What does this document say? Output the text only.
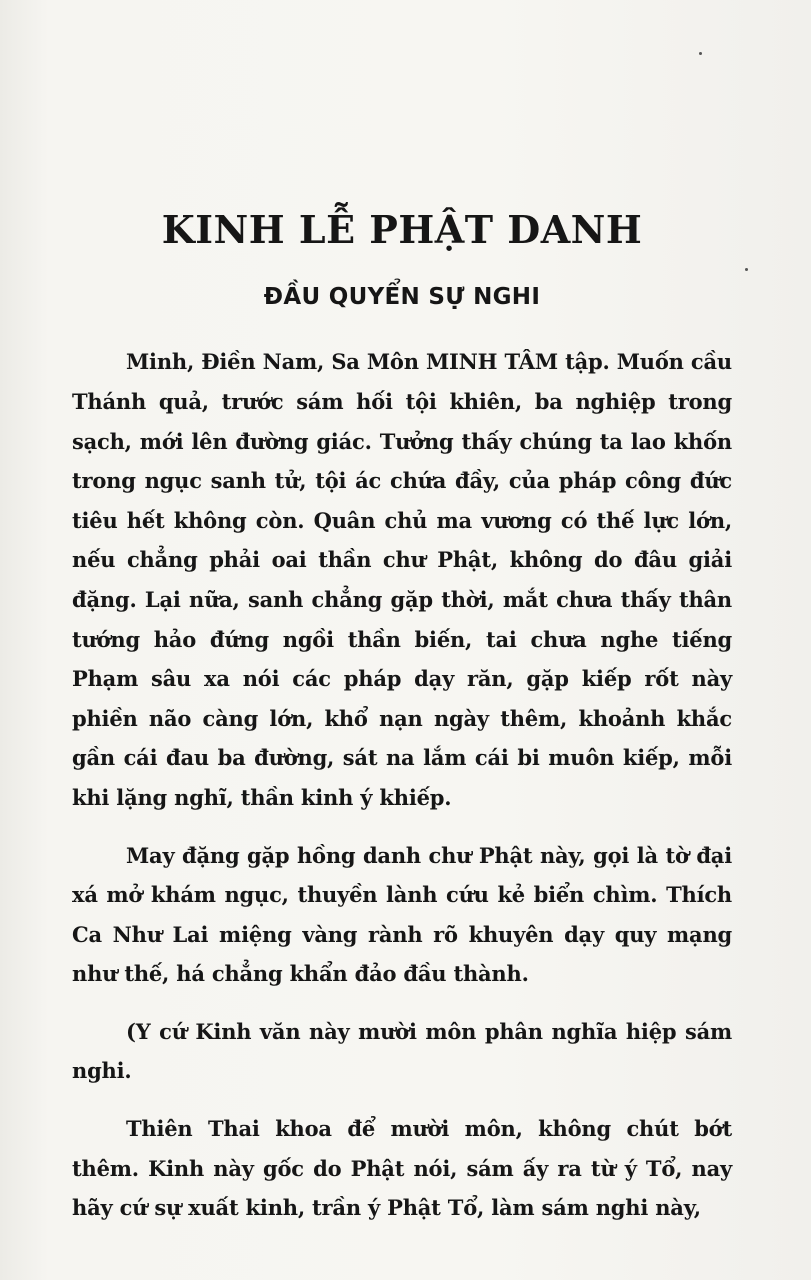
KINH LỄ PHẬT DANH
ĐẦU QUYỂN SỰ NGHI

Minh, Điền Nam, Sa Môn MINH TÂM tập. Muốn cầu Thánh quả, trước sám hối tội khiên, ba nghiệp trong sạch, mới lên đường giác. Tưởng thấy chúng ta lao khốn trong ngục sanh tử, tội ác chứa đầy, của pháp công đức tiêu hết không còn. Quân chủ ma vương có thế lực lớn, nếu chẳng phải oai thần chư Phật, không do đâu giải đặng. Lại nữa, sanh chẳng gặp thời, mắt chưa thấy thân tướng hảo đứng ngồi thần biến, tai chưa nghe tiếng Phạm sâu xa nói các pháp dạy răn, gặp kiếp rốt này phiền não càng lớn, khổ nạn ngày thêm, khoảnh khắc gần cái đau ba đường, sát na lắm cái bi muôn kiếp, mỗi khi lặng nghĩ, thần kinh ý khiếp.

May đặng gặp hồng danh chư Phật này, gọi là tờ đại xá mở khám ngục, thuyền lành cứu kẻ biển chìm. Thích Ca Như Lai miệng vàng rành rõ khuyên dạy quy mạng như thế, há chẳng khẩn đảo đầu thành.

(Y cứ Kinh văn này mười môn phân nghĩa hiệp sám nghi.

Thiên Thai khoa để mười môn, không chút bớt thêm. Kinh này gốc do Phật nói, sám ấy ra từ ý Tổ, nay hãy cứ sự xuất kinh, trần ý Phật Tổ, làm sám nghi này,
